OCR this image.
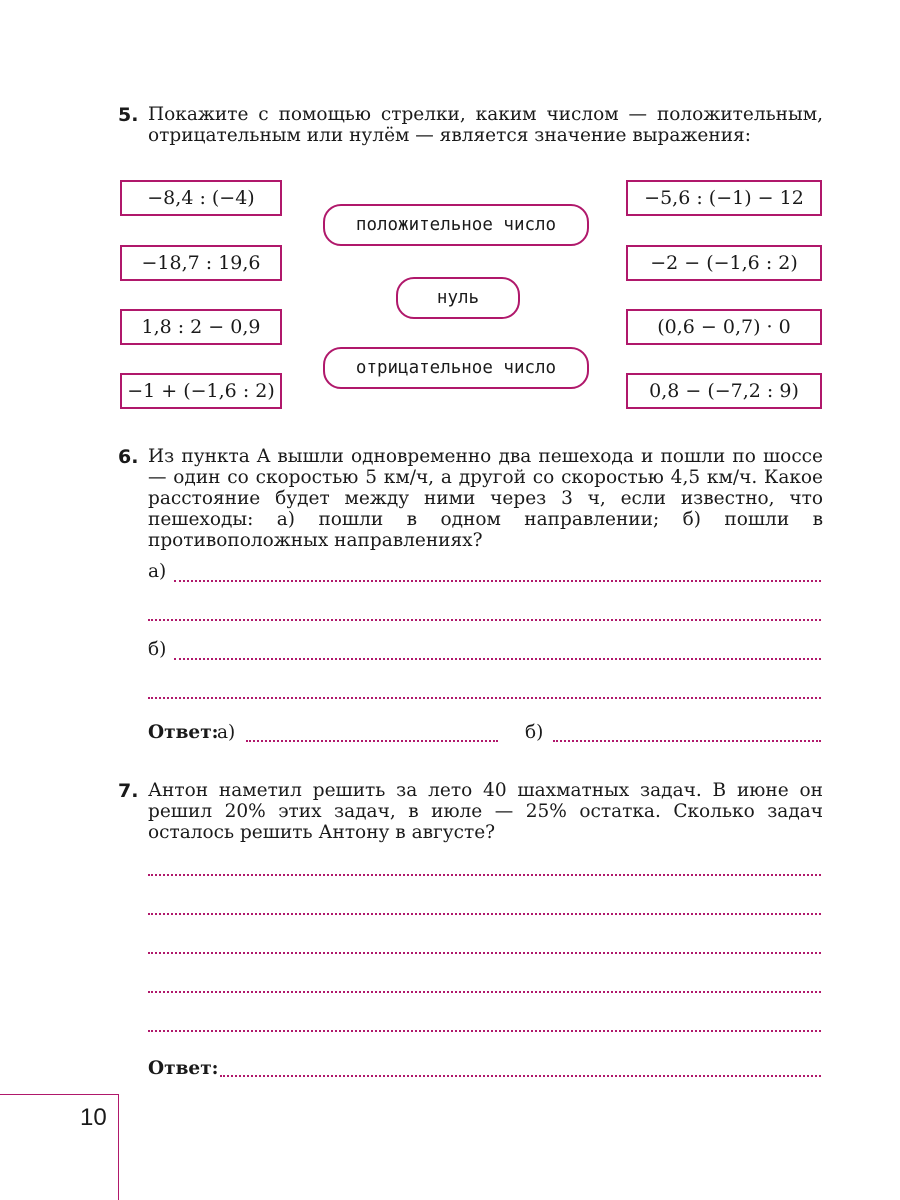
5. Покажите с помощью стрелки, каким числом — положительным, отрицательным или нулём — является значение выражения:
−8,4 : (−4)
−18,7 : 19,6
1,8 : 2 − 0,9
−1 + (−1,6 : 2)
−5,6 : (−1) − 12
−2 − (−1,6 : 2)
(0,6 − 0,7) · 0
0,8 − (−7,2 : 9)
положительное число
нуль
отрицательное число
6. Из пункта A вышли одновременно два пешехода и пошли по шоссе — один со скоростью 5 км/ч, а другой со скоростью 4,5 км/ч. Какое расстояние будет между ними через 3 ч, если известно, что пешеходы: а) пошли в одном направлении; б) пошли в противоположных направлениях?
а)
б)
Ответ:
а)	б)
7. Антон наметил решить за лето 40 шахматных задач. В июне он решил 20% этих задач, в июле — 25% остатка. Сколько задач осталось решить Антону в августе?
Ответ:
10
